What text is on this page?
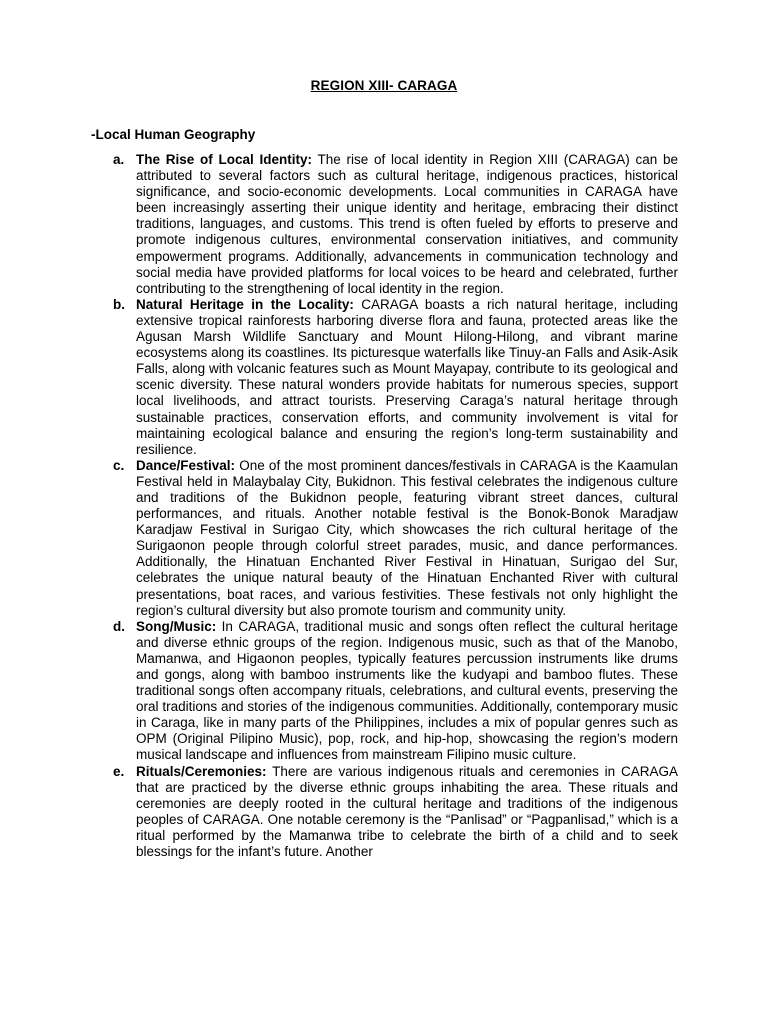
REGION XIII- CARAGA
-Local Human Geography
a. The Rise of Local Identity: The rise of local identity in Region XIII (CARAGA) can be attributed to several factors such as cultural heritage, indigenous practices, historical significance, and socio-economic developments. Local communities in CARAGA have been increasingly asserting their unique identity and heritage, embracing their distinct traditions, languages, and customs. This trend is often fueled by efforts to preserve and promote indigenous cultures, environmental conservation initiatives, and community empowerment programs. Additionally, advancements in communication technology and social media have provided platforms for local voices to be heard and celebrated, further contributing to the strengthening of local identity in the region.
b. Natural Heritage in the Locality: CARAGA boasts a rich natural heritage, including extensive tropical rainforests harboring diverse flora and fauna, protected areas like the Agusan Marsh Wildlife Sanctuary and Mount Hilong-Hilong, and vibrant marine ecosystems along its coastlines. Its picturesque waterfalls like Tinuy-an Falls and Asik-Asik Falls, along with volcanic features such as Mount Mayapay, contribute to its geological and scenic diversity. These natural wonders provide habitats for numerous species, support local livelihoods, and attract tourists. Preserving Caraga’s natural heritage through sustainable practices, conservation efforts, and community involvement is vital for maintaining ecological balance and ensuring the region’s long-term sustainability and resilience.
c. Dance/Festival: One of the most prominent dances/festivals in CARAGA is the Kaamulan Festival held in Malaybalay City, Bukidnon. This festival celebrates the indigenous culture and traditions of the Bukidnon people, featuring vibrant street dances, cultural performances, and rituals. Another notable festival is the Bonok-Bonok Maradjaw Karadjaw Festival in Surigao City, which showcases the rich cultural heritage of the Surigaonon people through colorful street parades, music, and dance performances. Additionally, the Hinatuan Enchanted River Festival in Hinatuan, Surigao del Sur, celebrates the unique natural beauty of the Hinatuan Enchanted River with cultural presentations, boat races, and various festivities. These festivals not only highlight the region’s cultural diversity but also promote tourism and community unity.
d. Song/Music: In CARAGA, traditional music and songs often reflect the cultural heritage and diverse ethnic groups of the region. Indigenous music, such as that of the Manobo, Mamanwa, and Higaonon peoples, typically features percussion instruments like drums and gongs, along with bamboo instruments like the kudyapi and bamboo flutes. These traditional songs often accompany rituals, celebrations, and cultural events, preserving the oral traditions and stories of the indigenous communities. Additionally, contemporary music in Caraga, like in many parts of the Philippines, includes a mix of popular genres such as OPM (Original Pilipino Music), pop, rock, and hip-hop, showcasing the region’s modern musical landscape and influences from mainstream Filipino music culture.
e. Rituals/Ceremonies: There are various indigenous rituals and ceremonies in CARAGA that are practiced by the diverse ethnic groups inhabiting the area. These rituals and ceremonies are deeply rooted in the cultural heritage and traditions of the indigenous peoples of CARAGA. One notable ceremony is the “Panlisad” or “Pagpanlisad,” which is a ritual performed by the Mamanwa tribe to celebrate the birth of a child and to seek blessings for the infant’s future. Another
